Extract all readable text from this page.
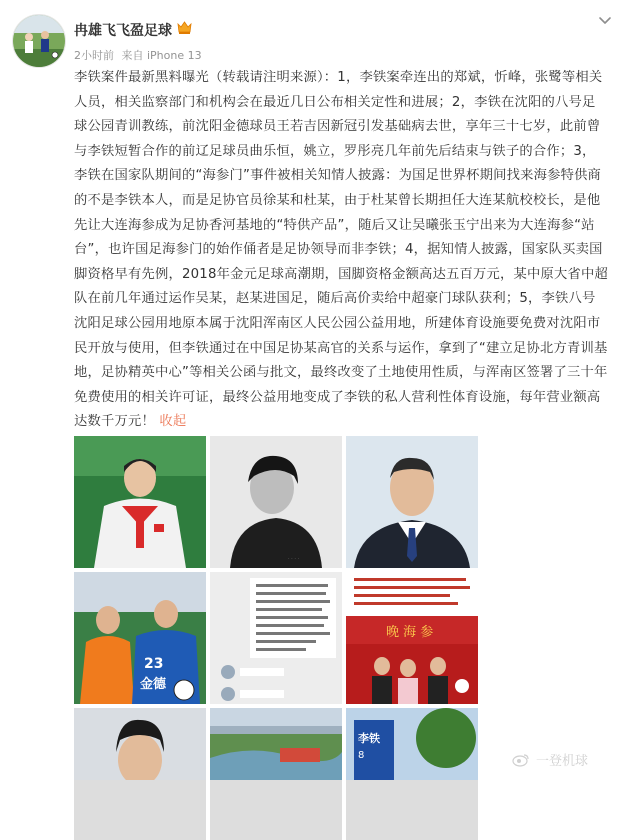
冉雄飞飞盈足球
2小时前 来自 iPhone 13
李铁案件最新黑料曝光（转载请注明来源）：1，李铁案牵连出的郑斌，忻峰，张鹭等相关人员，相关监察部门和机构会在最近几日公布相关定性和进展；2，李铁在沈阳的八号足球公园青训教练，前沈阳金德球员王若吉因新冠引发基础病去世，享年三十七岁，此前曾与李铁短暂合作的前辽足球员曲乐恒，姚立，罗彤亮几年前先后结束与铁子的合作；3，李铁在国家队期间的“海参门”事件被相关知情人披露：为国足世界杯期间找来海参特供商的不是李铁本人，而是足协官员徐某和杜某，由于杜某曾长期担任大连某航校校长，是他先让大连海参成为足协香河基地的“特供产品”，随后又让吴曦张玉宁出来为大连海参“站台”，也许国足海参门的始作俑者是足协领导而非李铁；4，据知情人披露，国家队买卖国脚资格早有先例，2018年金元足球高潮期，国脚资格金额高达五百万元，某中原大省中超队在前几年通过运作吴某，赵某进国足，随后高价卖给中超豪门球队获利；5，李铁八号沈阳足球公园用地原本属于沈阳浑南区人民公园公益用地，所建体育设施要免费对沈阳市民开放与使用，但李铁通过在中国足协某高官的关系与运作，拿到了“建立足协北方青训基地，足协精英中心”等相关公函与批文，最终改变了土地使用性质，与浑南区签署了三十年免费使用的相关许可证，最终公益用地变成了李铁的私人营利性体育设施，每年营业额高达数千万元！ 收起
· · · ·
23
金德
晚 海 参
李铁
8	一登机球
